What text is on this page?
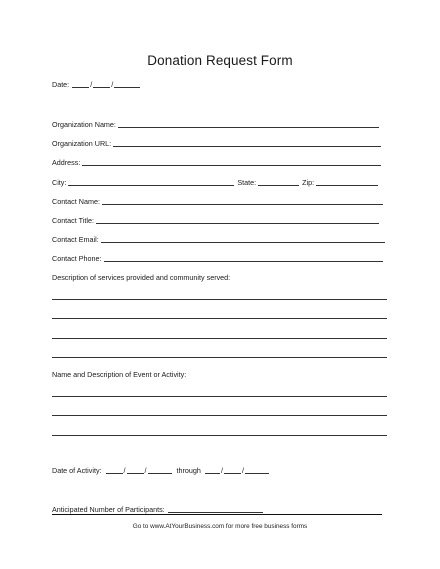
Donation Request Form
Date:	/	/
Organization Name:
Organization URL:
Address:
City:	State:	Zip:
Contact Name:
Contact Title:
Contact Email:
Contact Phone:
Description of services provided and community served:
Name and Description of Event or Activity:
Date of Activity:	/	/	through	/	/
Anticipated Number of Participants:
Go to www.AtYourBusiness.com for more free business forms
